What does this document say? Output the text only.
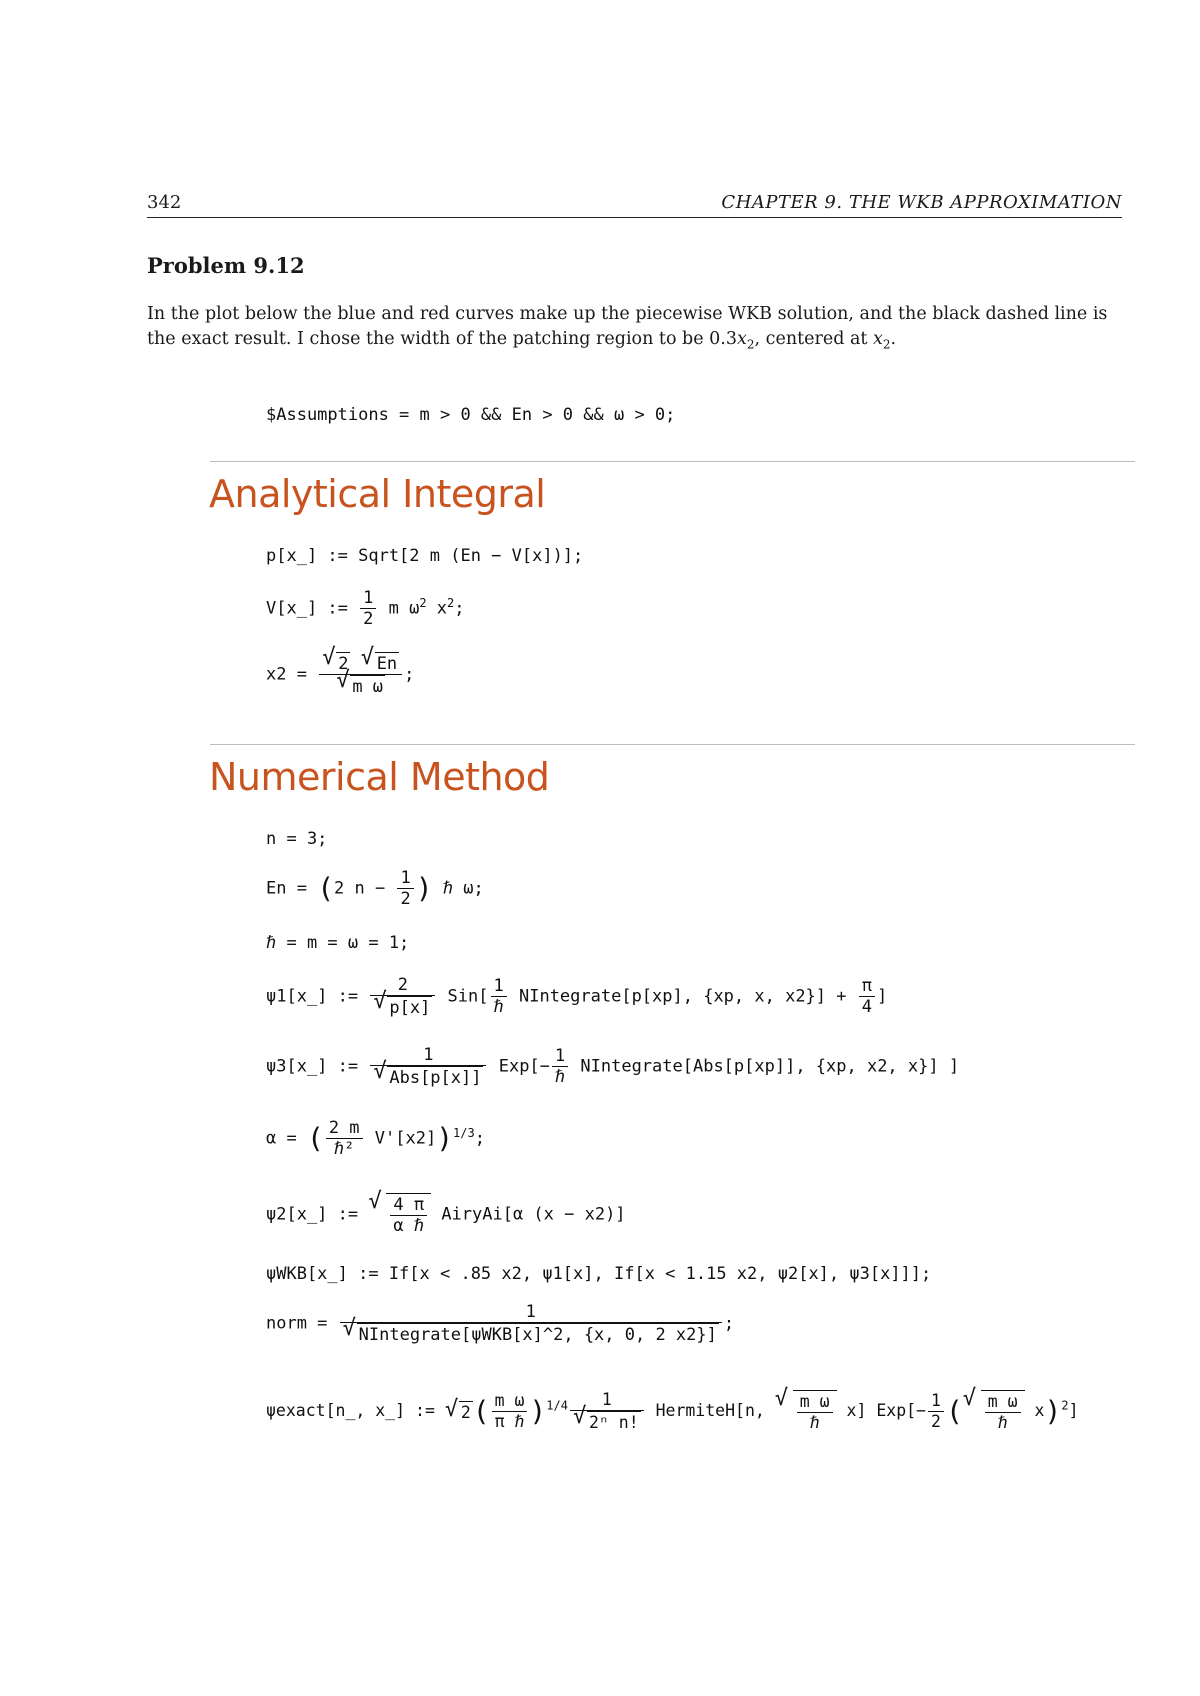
342	CHAPTER 9. THE WKB APPROXIMATION
Problem 9.12
In the plot below the blue and red curves make up the piecewise WKB solution, and the black dashed line is the exact result. I chose the width of the patching region to be $0.3x_2$, centered at $x_2$.
$Assumptions = m > 0 && En > 0 && ω > 0;
Analytical Integral
p[x_] := Sqrt[2 m (En − V[x])];
V[x_] := $\frac{1}{2}$ m $\omega^2$ $x^2$;
x2 = √ 2 √ En
√ m ω ;
Numerical Method
n = 3;
En = (2 $n - \frac{1}{2}$ ) ℏ ω;
ℏ = m = ω = 1;
ψ1[x_] := 2
√ p[x] $Sin[ \frac{1}{\text{ℏ}}$ NIntegrate[p[xp], {xp, x, $x2\}] + \frac{\pi}{4}$ ]
ψ3[x_] := 1
√ Abs[p[x]] $Exp[- \frac{1}{\text{ℏ}}$ NIntegrate[Abs[p[xp]], {xp, x2, x}] ]
α = ( $\frac{2 m}{\text{ℏ²}} V'[x2])^{1/3}$;
ψ2[x_] := √ $\frac{4 \pi}{\text{α ℏ}}$ AiryAi[α (x − x2)]
ψWKB[x_] := If[x < .85 x2, ψ1[x], If[x < 1.15 x2, ψ2[x], ψ3[x]]];
norm = 1
√ NIntegrate[ψWKB[x]^2, {x, 0, 2 x2}] ;
ψexact[n_, x_] := √ $2( \frac{\text{m ω}}{\text{π ℏ}} )^{1/4}$ 1
√ 2ⁿ n! HermiteH[n, √ $\frac{\text{m ω}}{\text{ℏ}} x$] $Exp[- \frac{1}{2}$ ( √ $\frac{\text{m ω}}{\text{ℏ}} x)^2$]
